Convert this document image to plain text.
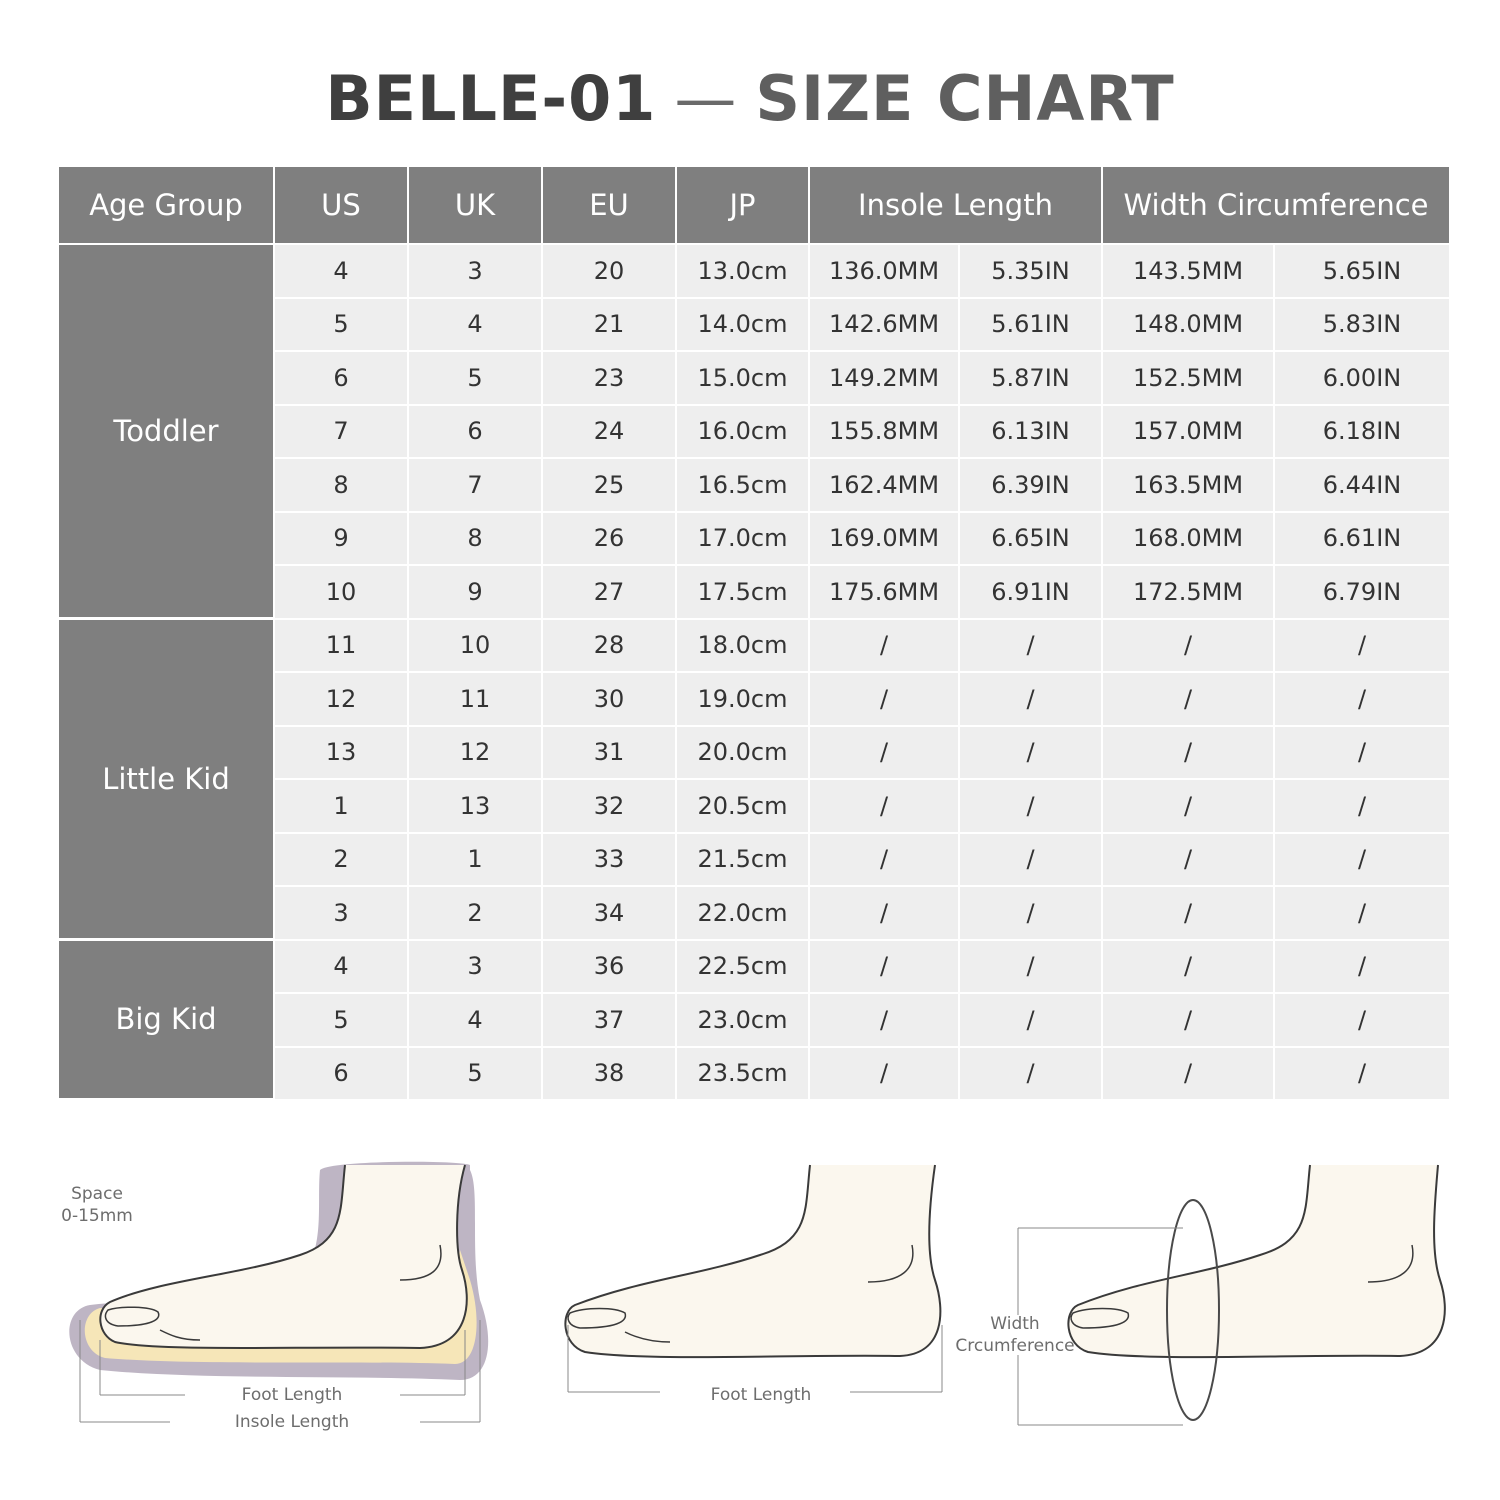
BELLE-01 — SIZE CHART
Age Group	US	UK	EU	JP	Insole Length	Width Circumference
Toddler
4	3	20	13.0cm	136.0MM	5.35IN	143.5MM	5.65IN
5	4	21	14.0cm	142.6MM	5.61IN	148.0MM	5.83IN
6	5	23	15.0cm	149.2MM	5.87IN	152.5MM	6.00IN
7	6	24	16.0cm	155.8MM	6.13IN	157.0MM	6.18IN
8	7	25	16.5cm	162.4MM	6.39IN	163.5MM	6.44IN
9	8	26	17.0cm	169.0MM	6.65IN	168.0MM	6.61IN
10	9	27	17.5cm	175.6MM	6.91IN	172.5MM	6.79IN
Little Kid
11	10	28	18.0cm	/	/	/	/
12	11	30	19.0cm	/	/	/	/
13	12	31	20.0cm	/	/	/	/
1	13	32	20.5cm	/	/	/	/
2	1	33	21.5cm	/	/	/	/
3	2	34	22.0cm	/	/	/	/
Big Kid
4	3	36	22.5cm	/	/	/	/
5	4	37	23.0cm	/	/	/	/
6	5	38	23.5cm	/	/	/	/
Space
0-15mm
Foot Length
Insole Length
Foot Length
Width
Crcumference
